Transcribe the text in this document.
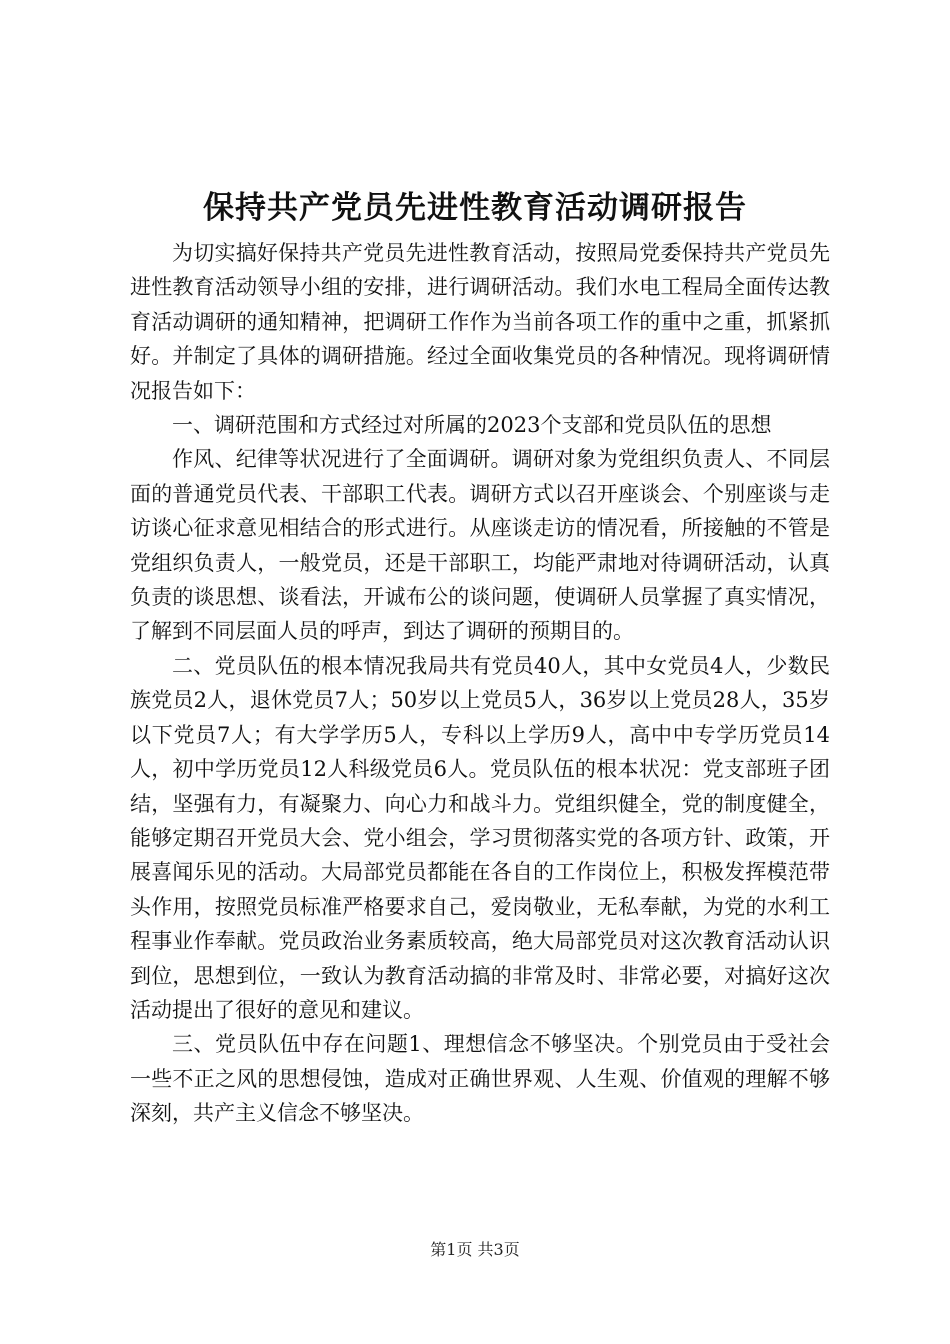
保持共产党员先进性教育活动调研报告

为切实搞好保持共产党员先进性教育活动，按照局党委保持共产党员先进性教育活动领导小组的安排，进行调研活动。我们水电工程局全面传达教育活动调研的通知精神，把调研工作作为当前各项工作的重中之重，抓紧抓好。并制定了具体的调研措施。经过全面收集党员的各种情况。现将调研情况报告如下：

一、调研范围和方式经过对所属的2023个支部和党员队伍的思想

作风、纪律等状况进行了全面调研。调研对象为党组织负责人、不同层面的普通党员代表、干部职工代表。调研方式以召开座谈会、个别座谈与走访谈心征求意见相结合的形式进行。从座谈走访的情况看，所接触的不管是党组织负责人，一般党员，还是干部职工，均能严肃地对待调研活动，认真负责的谈思想、谈看法，开诚布公的谈问题，使调研人员掌握了真实情况，了解到不同层面人员的呼声，到达了调研的预期目的。

二、党员队伍的根本情况我局共有党员40人，其中女党员4人，少数民族党员2人，退休党员7人；50岁以上党员5人，36岁以上党员28人，35岁以下党员7人；有大学学历5人，专科以上学历9人，高中中专学历党员14人，初中学历党员12人科级党员6人。党员队伍的根本状况：党支部班子团结，坚强有力，有凝聚力、向心力和战斗力。党组织健全，党的制度健全，能够定期召开党员大会、党小组会，学习贯彻落实党的各项方针、政策，开展喜闻乐见的活动。大局部党员都能在各自的工作岗位上，积极发挥模范带头作用，按照党员标准严格要求自己，爱岗敬业，无私奉献，为党的水利工程事业作奉献。党员政治业务素质较高，绝大局部党员对这次教育活动认识到位，思想到位，一致认为教育活动搞的非常及时、非常必要，对搞好这次活动提出了很好的意见和建议。

三、党员队伍中存在问题1、理想信念不够坚决。个别党员由于受社会一些不正之风的思想侵蚀，造成对正确世界观、人生观、价值观的理解不够深刻，共产主义信念不够坚决。

第1页 共3页
